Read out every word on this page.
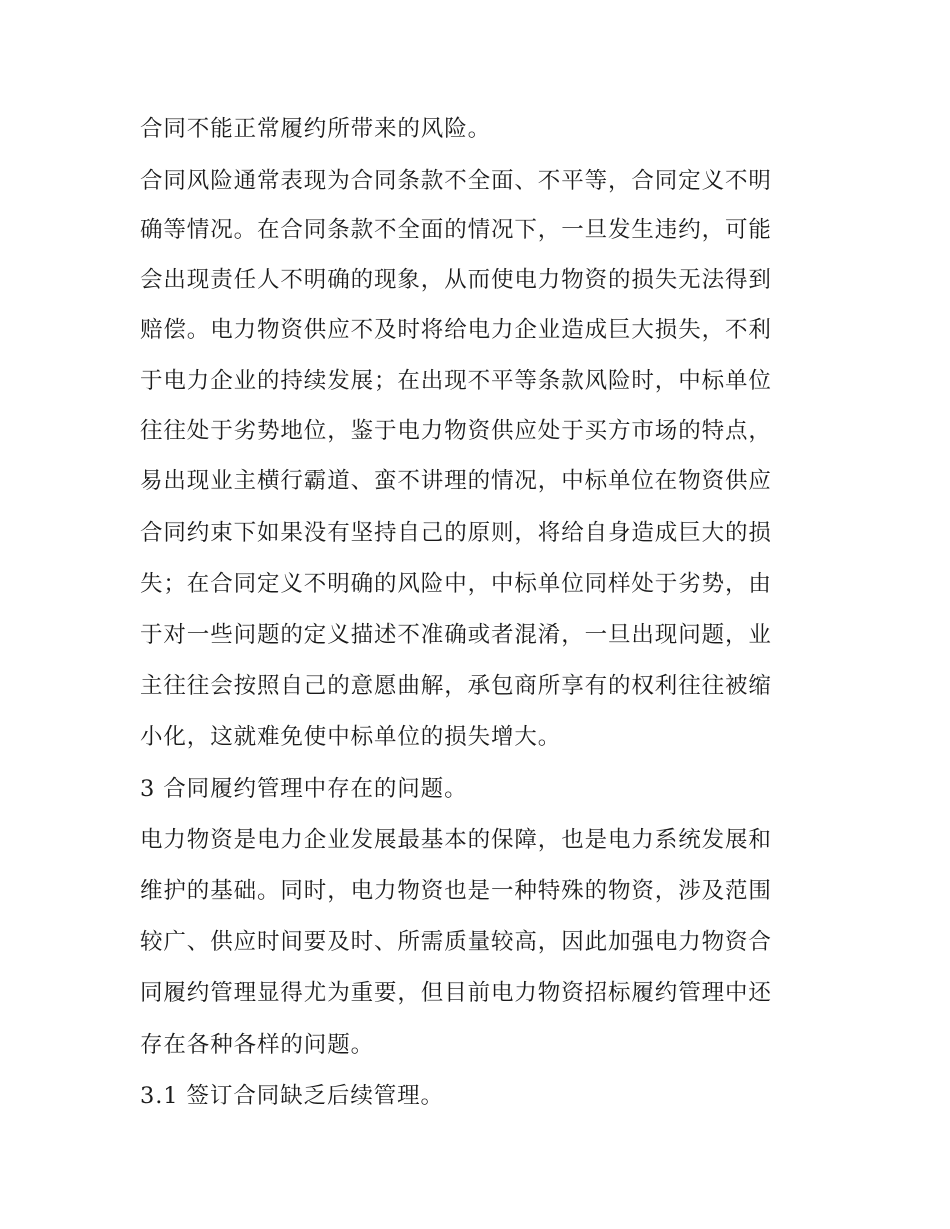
合同不能正常履约所带来的风险。

合同风险通常表现为合同条款不全面、不平等，合同定义不明

确等情况。在合同条款不全面的情况下，一旦发生违约，可能

会出现责任人不明确的现象，从而使电力物资的损失无法得到

赔偿。电力物资供应不及时将给电力企业造成巨大损失，不利

于电力企业的持续发展；在出现不平等条款风险时，中标单位

往往处于劣势地位，鉴于电力物资供应处于买方市场的特点，

易出现业主横行霸道、蛮不讲理的情况，中标单位在物资供应

合同约束下如果没有坚持自己的原则，将给自身造成巨大的损

失；在合同定义不明确的风险中，中标单位同样处于劣势，由

于对一些问题的定义描述不准确或者混淆，一旦出现问题，业

主往往会按照自己的意愿曲解，承包商所享有的权利往往被缩

小化，这就难免使中标单位的损失增大。

3 合同履约管理中存在的问题。

电力物资是电力企业发展最基本的保障，也是电力系统发展和

维护的基础。同时，电力物资也是一种特殊的物资，涉及范围

较广、供应时间要及时、所需质量较高，因此加强电力物资合

同履约管理显得尤为重要，但目前电力物资招标履约管理中还

存在各种各样的问题。

3.1 签订合同缺乏后续管理。
